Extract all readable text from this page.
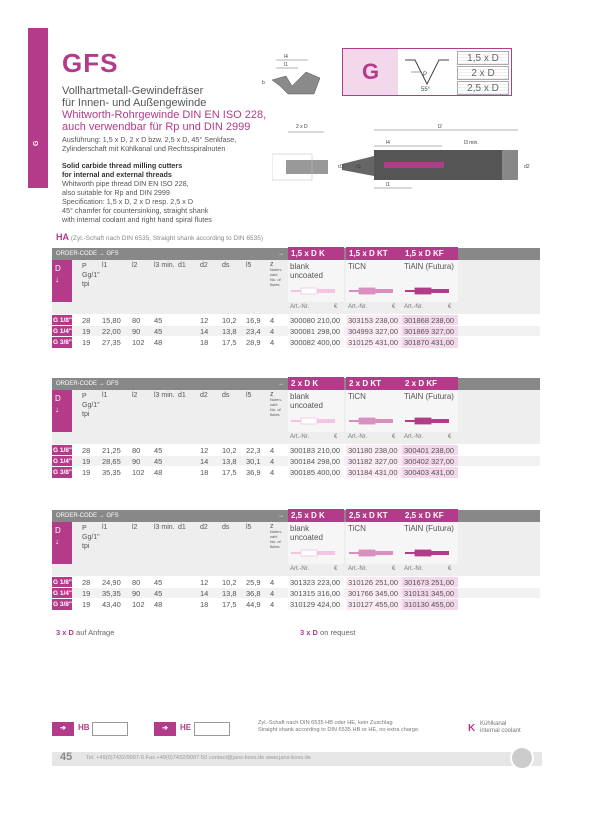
G
GFS
Vollhartmetall-Gewindefräser
für Innen- und Außengewinde
Whitworth-Rohrgewinde DIN EN ISO 228,
auch verwendbar für Rp und DIN 2999
Ausführung: 1,5 x D, 2 x D bzw. 2,5 x D, 45° Senkfase,
Zylinderschaft mit Kühlkanal und Rechtsspiralnuten
Solid carbide thread milling cutters
for internal and external threads
Whitworth pipe thread DIN EN ISO 228,
also suitable for Rp and DIN 2999
Specification: 1,5 x D, 2 x D resp. 2,5 x D
45° chamfer for countersinking, straight shank
with internal coolant and right hand spiral flutes
l4
l1
b	G	P
55°
1,5 x D
2 x D
2,5 x D
2 x D	l2
l4	l3 min.
l1
d1 ds	d2
HA (Zyl.-Schaft nach DIN 6535, Straight shank according to DIN 6535)
ORDER-CODE → GFS	→ 1,5 x D K	1,5 x D KT	1,5 x D KF
D
↓
P
Gg/1"
tpi
l1	l2 l3 min. d1 d2 ds l5	z
Nuten-
zahl
No. of
flutes
blank
uncoated
TiCN	TiAlN (Futura)
Art.-Nr.	€ Art.-Nr.	€ Art.-Nr.	€
G 1/8" 28 15,80 80 45	12 10,2 16,9 4 300080 210,00	303153 238,00 301868 238,00
G 1/4" 19 22,00 90 45	14 13,8 23,4 4 300081 298,00	304993 327,00 301869 327,00
G 3/8" 19 27,35 102 48	18 17,5 28,9 4 300082 400,00	310125 431,00 301870 431,00
ORDER-CODE → GFS	→ 2 x D K	2 x D KT	2 x D KF
D
↓
P
Gg/1"
tpi
l1	l2 l3 min. d1 d2 ds l5	z
Nuten-
zahl
No. of
flutes
blank
uncoated
TiCN	TiAlN (Futura)
Art.-Nr.	€ Art.-Nr.	€ Art.-Nr.	€
G 1/8" 28 21,25 80 45	12 10,2 22,3 4 300183 210,00	301180 238,00 300401 238,00
G 1/4" 19 28,65 90 45	14 13,8 30,1 4 300184 298,00	301182 327,00 300402 327,00
G 3/8" 19 35,35 102 48	18 17,5 36,9 4 300185 400,00	301184 431,00 300403 431,00
ORDER-CODE → GFS	→ 2,5 x D K	2,5 x D KT	2,5 x D KF
D
↓
P
Gg/1"
tpi
l1	l2 l3 min. d1 d2 ds l5	z
Nuten-
zahl
No. of
flutes
blank
uncoated
TiCN	TiAlN (Futura)
Art.-Nr.	€ Art.-Nr.	€ Art.-Nr.	€
G 1/8" 28 24,90 80 45	12 10,2 25,9 4 301323 223,00	310126 251,00 301673 251,00
G 1/4" 19 35,35 90 45	14 13,8 36,8 4 301315 316,00	301766 345,00 310131 345,00
G 3/8" 19 43,40 102 48	18 17,5 44,9 4 310129 424,00	310127 455,00 310130 455,00
3 x D auf Anfrage	3 x D on request
➔	HB	➔	HE	Zyl.-Schaft nach DIN 6535 HB oder HE, kein Zuschlag
Straight shank according to DIN 6535 HB or HE, no extra charge.	K Kühlkanal
internal coolant
45 Tel. +49(0)7432/9097-0 Fax +49(0)7432/9097-50 contact@jans-boss.de www.jans-boss.de
